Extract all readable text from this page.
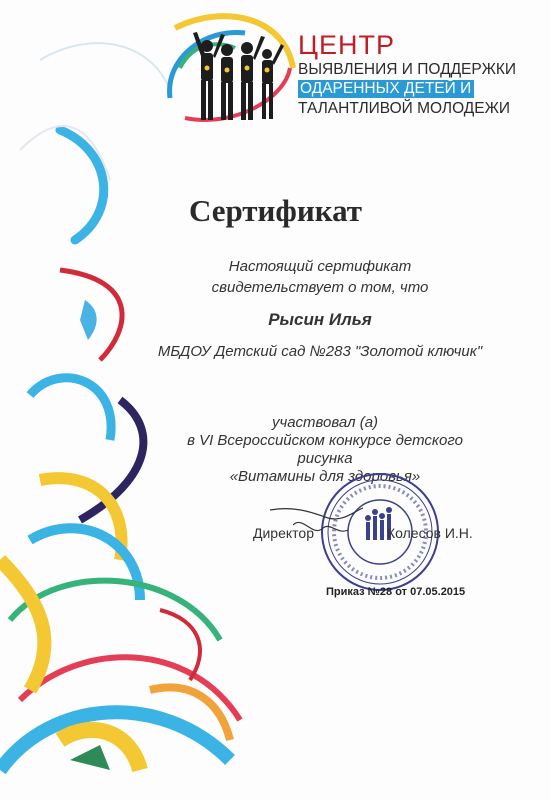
ЦЕНТР
ВЫЯВЛЕНИЯ И ПОДДЕРЖКИ
ОДАРЕННЫХ ДЕТЕЙ И
ТАЛАНТЛИВОЙ МОЛОДЕЖИ
Сертификат
Настоящий сертификат
свидетельствует о том, что
Рысин Илья
МБДОУ Детский сад №283 "Золотой ключик"
участвовал (а)
в VI Всероссийском конкурсе детского
рисунка
«Витамины для здоровья»
Директор	Колесов И.Н.
Приказ №28 от 07.05.2015
